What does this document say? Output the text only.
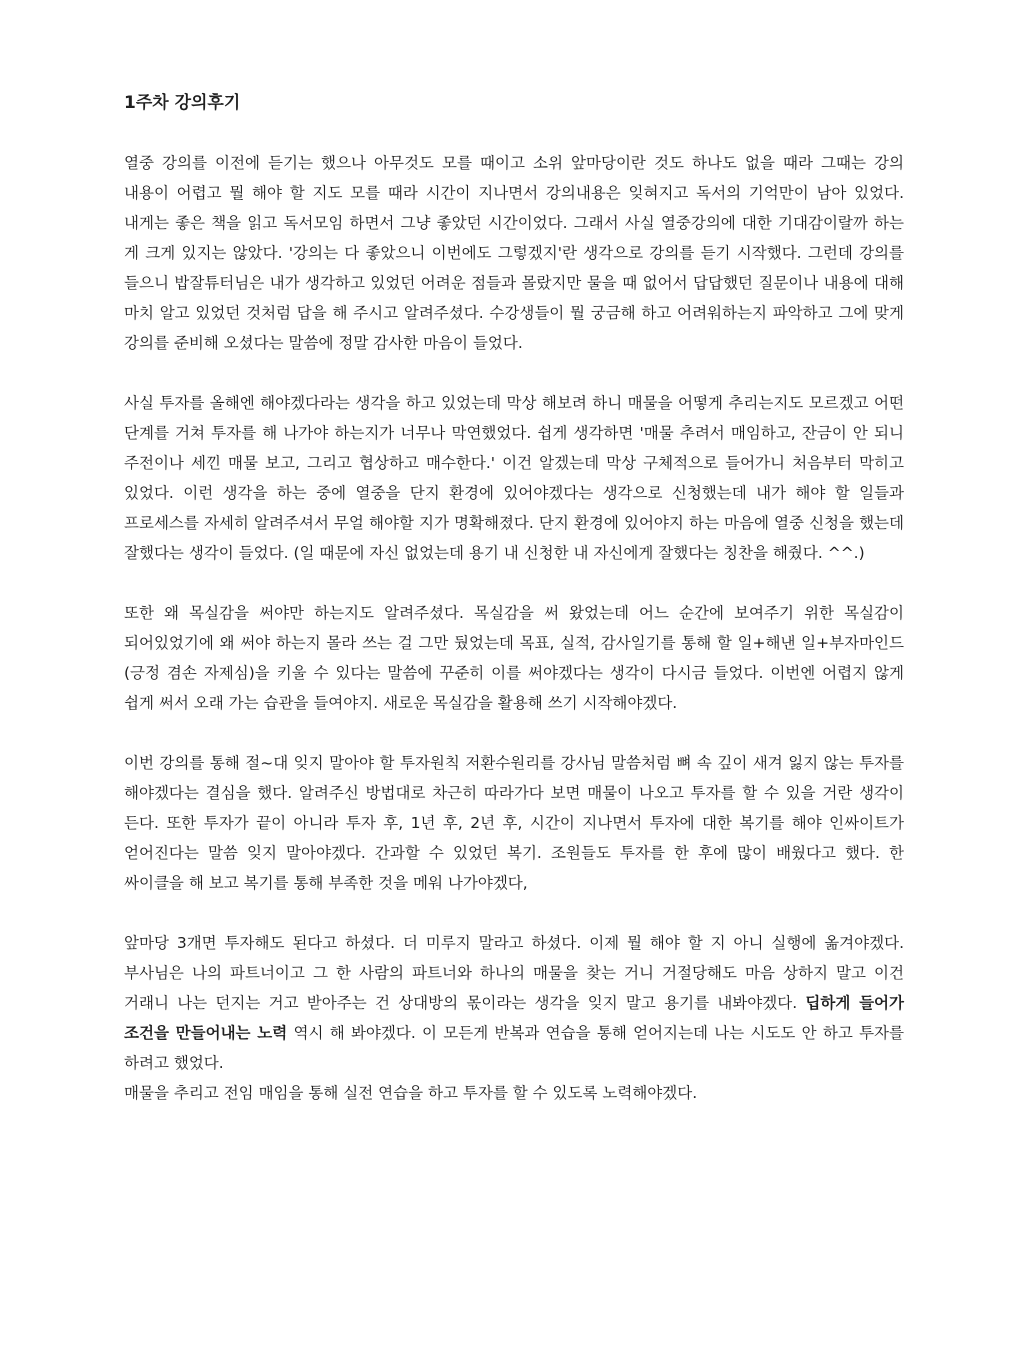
1주차 강의후기

열중 강의를 이전에 듣기는 했으나 아무것도 모를 때이고 소위 앞마당이란 것도 하나도 없을 때라 그때는 강의 내용이 어렵고 뭘 해야 할 지도 모를 때라 시간이 지나면서 강의내용은 잊혀지고 독서의 기억만이 남아 있었다. 내게는 좋은 책을 읽고 독서모임 하면서 그냥 좋았던 시간이었다. 그래서 사실 열중강의에 대한 기대감이랄까 하는 게 크게 있지는 않았다. '강의는 다 좋았으니 이번에도 그렇겠지'란 생각으로 강의를 듣기 시작했다. 그런데 강의를 들으니 밥잘튜터님은 내가 생각하고 있었던 어려운 점들과 몰랐지만 물을 때 없어서 답답했던 질문이나 내용에 대해 마치 알고 있었던 것처럼 답을 해 주시고 알려주셨다. 수강생들이 뭘 궁금해 하고 어려워하는지 파악하고 그에 맞게 강의를 준비해 오셨다는 말씀에 정말 감사한 마음이 들었다.

사실 투자를 올해엔 해야겠다라는 생각을 하고 있었는데 막상 해보려 하니 매물을 어떻게 추리는지도 모르겠고 어떤 단계를 거쳐 투자를 해 나가야 하는지가 너무나 막연했었다. 쉽게 생각하면 '매물 추려서 매임하고, 잔금이 안 되니 주전이나 세낀 매물 보고, 그리고 협상하고 매수한다.' 이건 알겠는데 막상 구체적으로 들어가니 처음부터 막히고 있었다. 이런 생각을 하는 중에 열중을 단지 환경에 있어야겠다는 생각으로 신청했는데 내가 해야 할 일들과 프로세스를 자세히 알려주셔서 무얼 해야할 지가 명확해졌다. 단지 환경에 있어야지 하는 마음에 열중 신청을 했는데 잘했다는 생각이 들었다. (일 때문에 자신 없었는데 용기 내 신청한 내 자신에게 잘했다는 칭찬을 해줬다. ^^.)

또한 왜 목실감을 써야만 하는지도 알려주셨다. 목실감을 써 왔었는데 어느 순간에 보여주기 위한 목실감이 되어있었기에 왜 써야 하는지 몰라 쓰는 걸 그만 뒀었는데 목표, 실적, 감사일기를 통해 할 일+해낸 일+부자마인드(긍정 겸손 자제심)을 키울 수 있다는 말씀에 꾸준히 이를 써야겠다는 생각이 다시금 들었다. 이번엔 어렵지 않게 쉽게 써서 오래 가는 습관을 들여야지. 새로운 목실감을 활용해 쓰기 시작해야겠다.

이번 강의를 통해 절~대 잊지 말아야 할 투자원칙 저환수원리를 강사님 말씀처럼 뼈 속 깊이 새겨 잃지 않는 투자를 해야겠다는 결심을 했다. 알려주신 방법대로 차근히 따라가다 보면 매물이 나오고 투자를 할 수 있을 거란 생각이 든다. 또한 투자가 끝이 아니라 투자 후, 1년 후, 2년 후, 시간이 지나면서 투자에 대한 복기를 해야 인싸이트가 얻어진다는 말씀 잊지 말아야겠다. 간과할 수 있었던 복기. 조원들도 투자를 한 후에 많이 배웠다고 했다. 한 싸이클을 해 보고 복기를 통해 부족한 것을 메워 나가야겠다,

앞마당 3개면 투자해도 된다고 하셨다. 더 미루지 말라고 하셨다. 이제 뭘 해야 할 지 아니 실행에 옮겨야겠다. 부사님은 나의 파트너이고 그 한 사람의 파트너와 하나의 매물을 찾는 거니 거절당해도 마음 상하지 말고 이건 거래니 나는 던지는 거고 받아주는 건 상대방의 몫이라는 생각을 잊지 말고 용기를 내봐야겠다. 딥하게 들어가 조건을 만들어내는 노력 역시 해 봐야겠다. 이 모든게 반복과 연습을 통해 얻어지는데 나는 시도도 안 하고 투자를 하려고 했었다.
매물을 추리고 전임 매임을 통해 실전 연습을 하고 투자를 할 수 있도록 노력해야겠다.
